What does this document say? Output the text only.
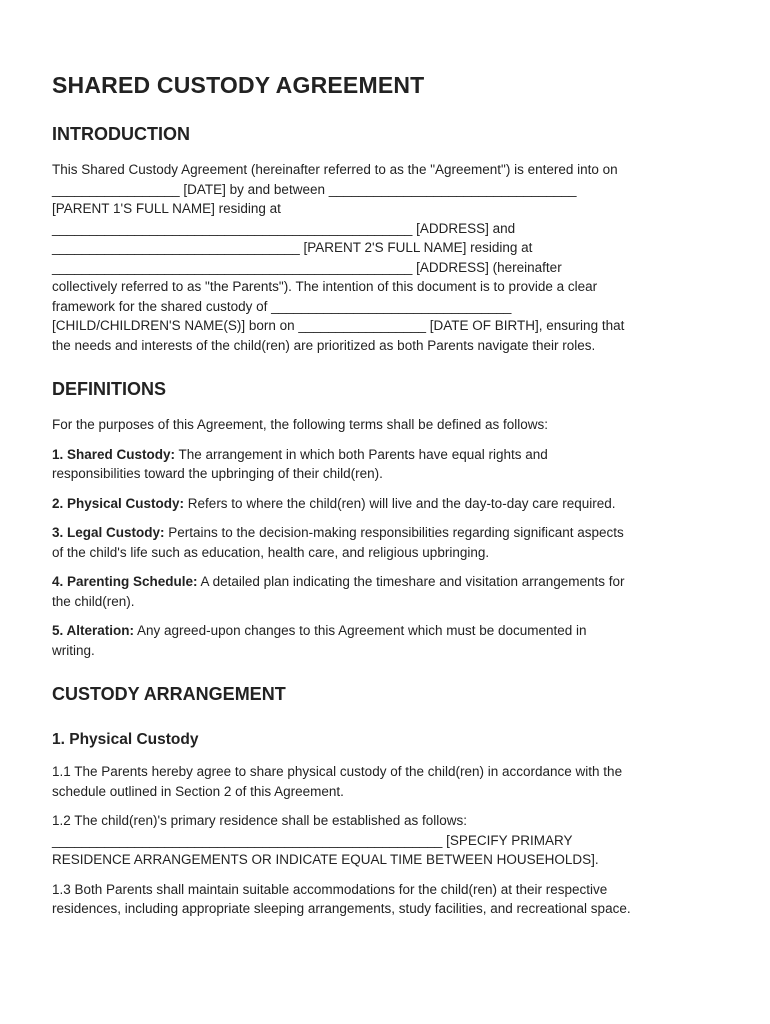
SHARED CUSTODY AGREEMENT
INTRODUCTION

This Shared Custody Agreement (hereinafter referred to as the "Agreement") is entered into on
_________________ [DATE] by and between _________________________________
[PARENT 1'S FULL NAME] residing at
________________________________________________ [ADDRESS] and
_________________________________ [PARENT 2'S FULL NAME] residing at
________________________________________________ [ADDRESS] (hereinafter
collectively referred to as "the Parents"). The intention of this document is to provide a clear
framework for the shared custody of ________________________________
[CHILD/CHILDREN'S NAME(S)] born on _________________ [DATE OF BIRTH], ensuring that
the needs and interests of the child(ren) are prioritized as both Parents navigate their roles.

DEFINITIONS

For the purposes of this Agreement, the following terms shall be defined as follows:

1. Shared Custody: The arrangement in which both Parents have equal rights and
responsibilities toward the upbringing of their child(ren).

2. Physical Custody: Refers to where the child(ren) will live and the day-to-day care required.

3. Legal Custody: Pertains to the decision-making responsibilities regarding significant aspects
of the child's life such as education, health care, and religious upbringing.

4. Parenting Schedule: A detailed plan indicating the timeshare and visitation arrangements for
the child(ren).

5. Alteration: Any agreed-upon changes to this Agreement which must be documented in
writing.

CUSTODY ARRANGEMENT
1. Physical Custody

1.1 The Parents hereby agree to share physical custody of the child(ren) in accordance with the
schedule outlined in Section 2 of this Agreement.

1.2 The child(ren)'s primary residence shall be established as follows:
____________________________________________________ [SPECIFY PRIMARY
RESIDENCE ARRANGEMENTS OR INDICATE EQUAL TIME BETWEEN HOUSEHOLDS].

1.3 Both Parents shall maintain suitable accommodations for the child(ren) at their respective
residences, including appropriate sleeping arrangements, study facilities, and recreational space.
